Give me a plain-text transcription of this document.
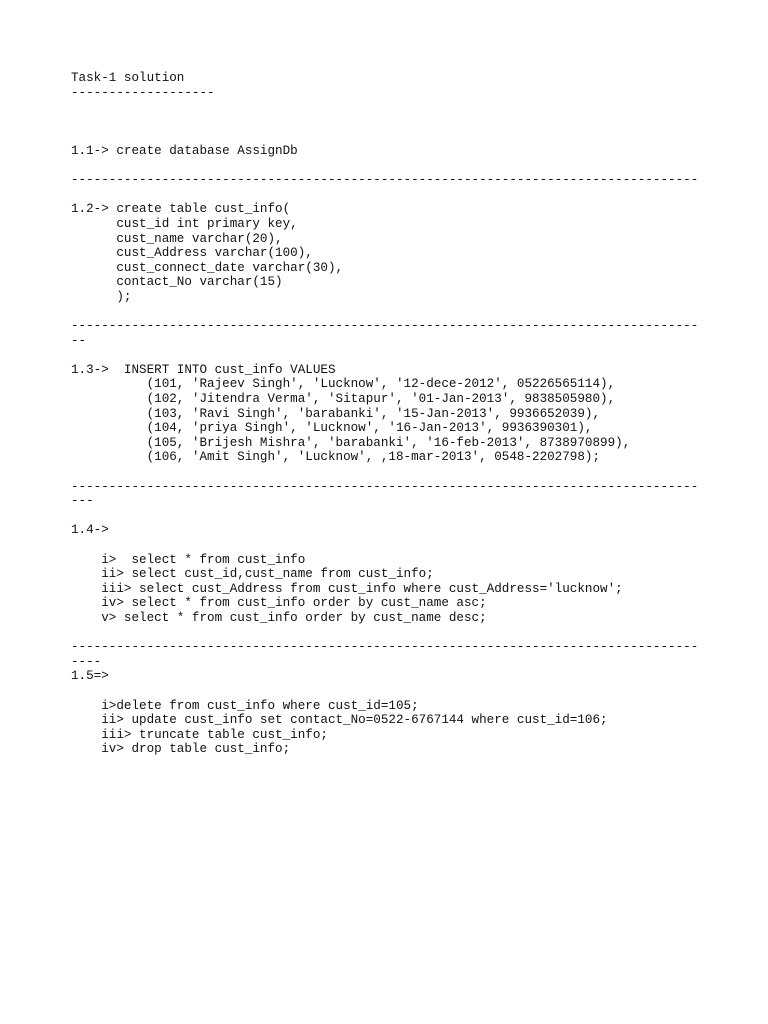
Task-1 solution
-------------------
1.1-> create database AssignDb
-----------------------------------------------------------------------------------
1.2-> create table cust_info(
cust_id int primary key,
cust_name varchar(20),
cust_Address varchar(100),
cust_connect_date varchar(30),
contact_No varchar(15)
);
-----------------------------------------------------------------------------------
--
1.3->  INSERT INTO cust_info VALUES
(101, 'Rajeev Singh', 'Lucknow', '12-dece-2012', 05226565114),
(102, 'Jitendra Verma', 'Sitapur', '01-Jan-2013', 9838505980),
(103, 'Ravi Singh', 'barabanki', '15-Jan-2013', 9936652039),
(104, 'priya Singh', 'Lucknow', '16-Jan-2013', 9936390301),
(105, 'Brijesh Mishra', 'barabanki', '16-feb-2013', 8738970899),
(106, 'Amit Singh', 'Lucknow', ,18-mar-2013', 0548-2202798);
-----------------------------------------------------------------------------------
---
1.4->
i>  select * from cust_info
ii> select cust_id,cust_name from cust_info;
iii> select cust_Address from cust_info where cust_Address='lucknow';
iv> select * from cust_info order by cust_name asc;
v> select * from cust_info order by cust_name desc;
-----------------------------------------------------------------------------------
----
1.5=>
i>delete from cust_info where cust_id=105;
ii> update cust_info set contact_No=0522-6767144 where cust_id=106;
iii> truncate table cust_info;
iv> drop table cust_info;
